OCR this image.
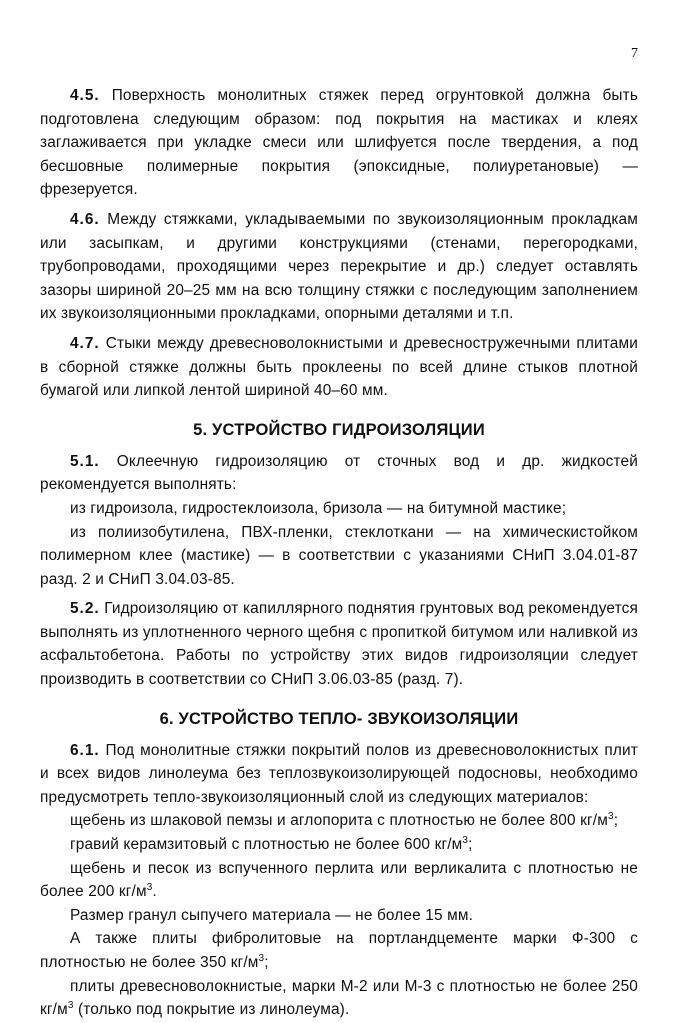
7

4.5. Поверхность монолитных стяжек перед огрунтовкой должна быть подготовлена следующим образом: под покрытия на мастиках и клеях заглаживается при укладке смеси или шлифуется после твердения, а под бесшовные полимерные покрытия (эпоксидные, полиуретановые) — фрезеруется.

4.6. Между стяжками, укладываемыми по звукоизоляционным прокладкам или засыпкам, и другими конструкциями (стенами, перегородками, трубопроводами, проходящими через перекрытие и др.) следует оставлять зазоры шириной 20–25 мм на всю толщину стяжки с последующим заполнением их звукоизоляционными прокладками, опорными деталями и т.п.

4.7. Стыки между древесноволокнистыми и древесностружечными плитами в сборной стяжке должны быть проклеены по всей длине стыков плотной бумагой или липкой лентой шириной 40–60 мм.

5. УСТРОЙСТВО ГИДРОИЗОЛЯЦИИ

5.1. Оклеечную гидроизоляцию от сточных вод и др. жидкостей рекомендуется выполнять:

из гидроизола, гидростеклоизола, бризола — на битумной мастике;

из полиизобутилена, ПВХ-пленки, стеклоткани — на химическистойком полимерном клее (мастике) — в соответствии с указаниями СНиП 3.04.01-87 разд. 2 и СНиП 3.04.03-85.

5.2. Гидроизоляцию от капиллярного поднятия грунтовых вод рекомендуется выполнять из уплотненного черного щебня с пропиткой битумом или наливкой из асфальтобетона. Работы по устройству этих видов гидроизоляции следует производить в соответствии со СНиП 3.06.03-85 (разд. 7).

6. УСТРОЙСТВО ТЕПЛО- ЗВУКОИЗОЛЯЦИИ

6.1. Под монолитные стяжки покрытий полов из древесноволокнистых плит и всех видов линолеума без теплозвукоизолирующей подосновы, необходимо предусмотреть тепло-звукоизоляционный слой из следующих материалов:

щебень из шлаковой пемзы и аглопорита с плотностью не более 800 $кг/м^3$;

гравий керамзитовый с плотностью не более 600 $кг/м^3$;

щебень и песок из вспученного перлита или верликалита с плотностью не более 200 $кг/м^3$.

Размер гранул сыпучего материала — не более 15 мм.

А также плиты фибролитовые на портландцементе марки Ф-300 с плотностью не более 350 $кг/м^3$;

плиты древесноволокнистые, марки М-2 или М-3 с плотностью не более 250 $кг/м^3$ (только под покрытие из линолеума).
